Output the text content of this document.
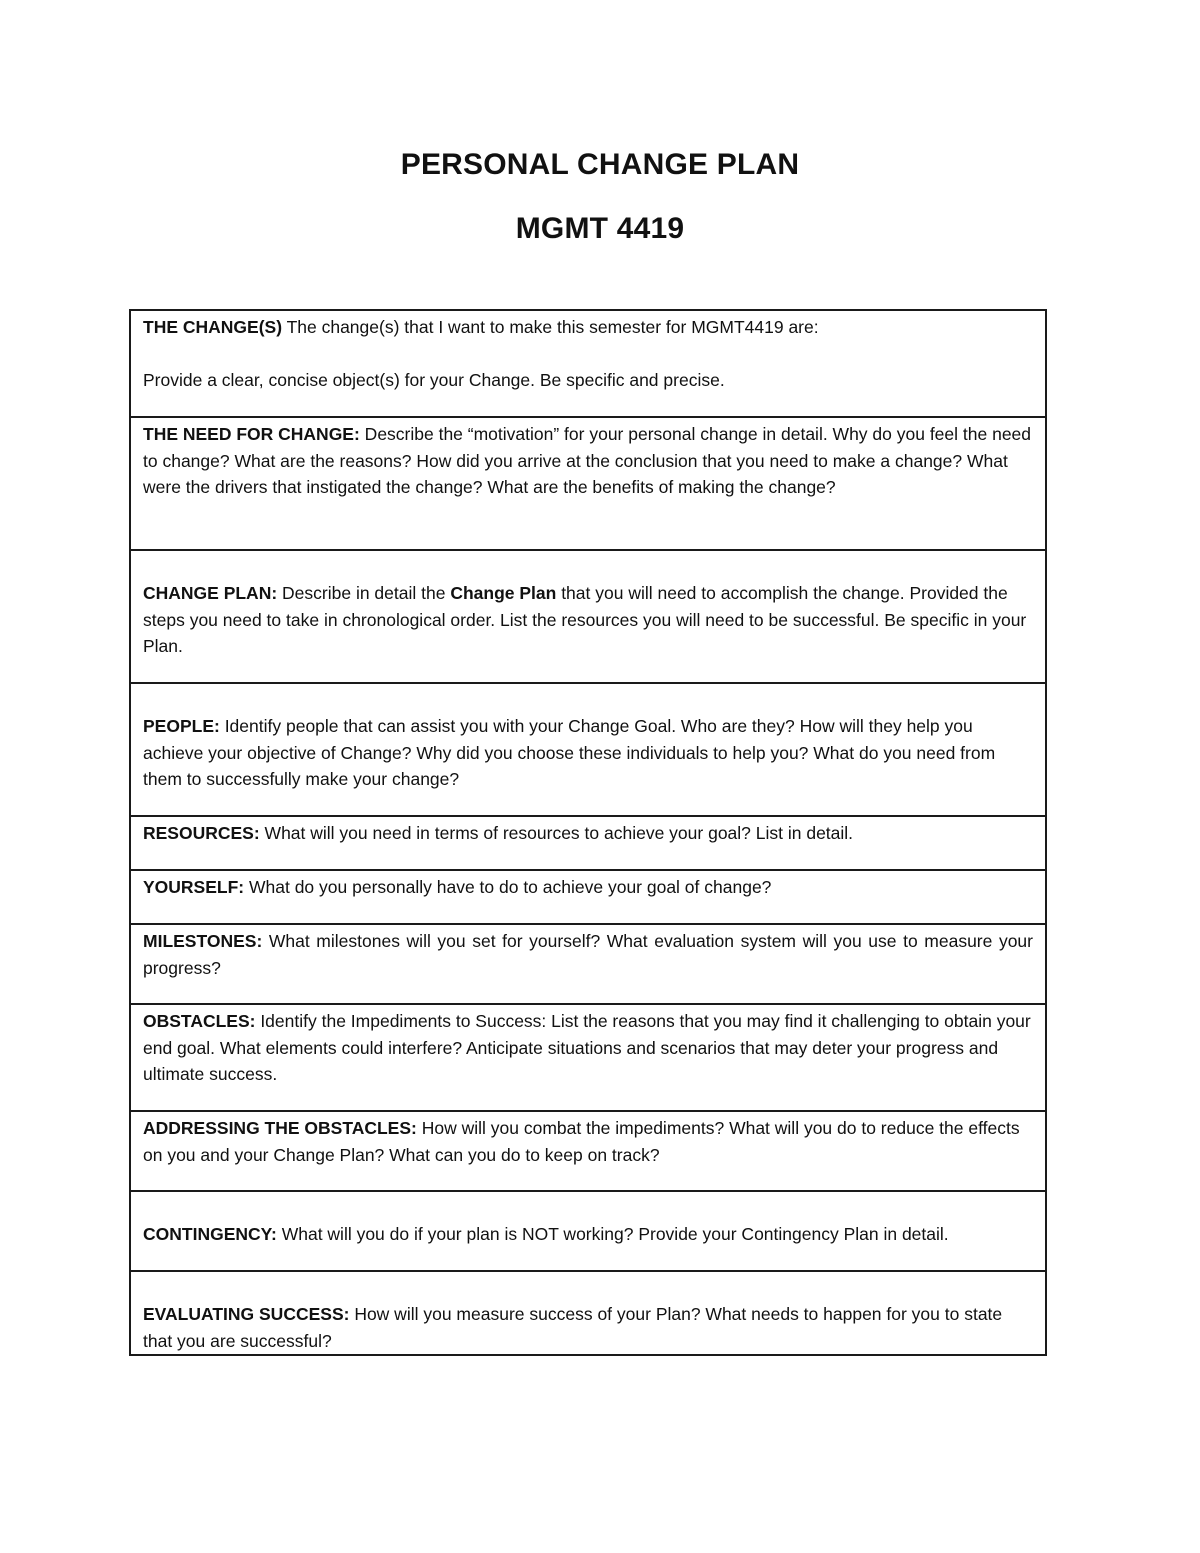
PERSONAL CHANGE PLAN
MGMT 4419
THE CHANGE(S) The change(s) that I want to make this semester for MGMT4419 are:
Provide a clear, concise object(s) for your Change. Be specific and precise.
THE NEED FOR CHANGE: Describe the “motivation” for your personal change in detail. Why do you feel the need to change? What are the reasons? How did you arrive at the conclusion that you need to make a change? What were the drivers that instigated the change? What are the benefits of making the change?
CHANGE PLAN: Describe in detail the Change Plan that you will need to accomplish the change. Provided the steps you need to take in chronological order. List the resources you will need to be successful. Be specific in your Plan.
PEOPLE: Identify people that can assist you with your Change Goal. Who are they? How will they help you achieve your objective of Change? Why did you choose these individuals to help you? What do you need from them to successfully make your change?
RESOURCES: What will you need in terms of resources to achieve your goal? List in detail.
YOURSELF: What do you personally have to do to achieve your goal of change?
MILESTONES: What milestones will you set for yourself? What evaluation system will you use to measure your progress?
OBSTACLES: Identify the Impediments to Success: List the reasons that you may find it challenging to obtain your end goal. What elements could interfere? Anticipate situations and scenarios that may deter your progress and ultimate success.
ADDRESSING THE OBSTACLES: How will you combat the impediments? What will you do to reduce the effects on you and your Change Plan? What can you do to keep on track?
CONTINGENCY: What will you do if your plan is NOT working? Provide your Contingency Plan in detail.
EVALUATING SUCCESS: How will you measure success of your Plan? What needs to happen for you to state that you are successful?
